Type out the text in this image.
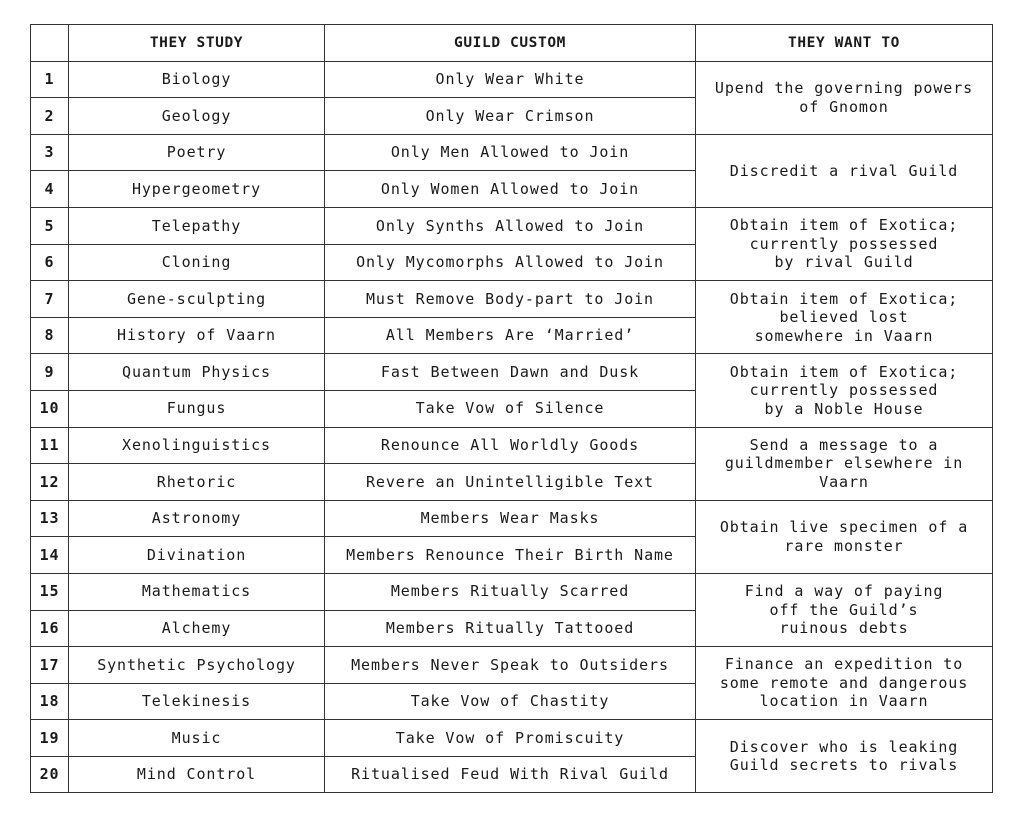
	THEY STUDY	GUILD CUSTOM	THEY WANT TO
1	Biology	Only Wear White	Upend the governing powers
of Gnomon
2	Geology	Only Wear Crimson	
3	Poetry	Only Men Allowed to Join	Discredit a rival Guild
4	Hypergeometry	Only Women Allowed to Join	
5	Telepathy	Only Synths Allowed to Join	Obtain item of Exotica;
currently possessed
by rival Guild
6	Cloning	Only Mycomorphs Allowed to Join	
7	Gene-sculpting	Must Remove Body-part to Join	Obtain item of Exotica;
believed lost
somewhere in Vaarn
8	History of Vaarn	All Members Are ‘Married’	
9	Quantum Physics	Fast Between Dawn and Dusk	Obtain item of Exotica;
currently possessed
by a Noble House
10	Fungus	Take Vow of Silence	
11	Xenolinguistics	Renounce All Worldly Goods	Send a message to a
guildmember elsewhere in
Vaarn
12	Rhetoric	Revere an Unintelligible Text	
13	Astronomy	Members Wear Masks	Obtain live specimen of a
rare monster
14	Divination	Members Renounce Their Birth Name	
15	Mathematics	Members Ritually Scarred	Find a way of paying
off the Guild’s
ruinous debts
16	Alchemy	Members Ritually Tattooed	
17	Synthetic Psychology	Members Never Speak to Outsiders	Finance an expedition to
some remote and dangerous
location in Vaarn
18	Telekinesis	Take Vow of Chastity	
19	Music	Take Vow of Promiscuity	Discover who is leaking
Guild secrets to rivals
20	Mind Control	Ritualised Feud With Rival Guild	
